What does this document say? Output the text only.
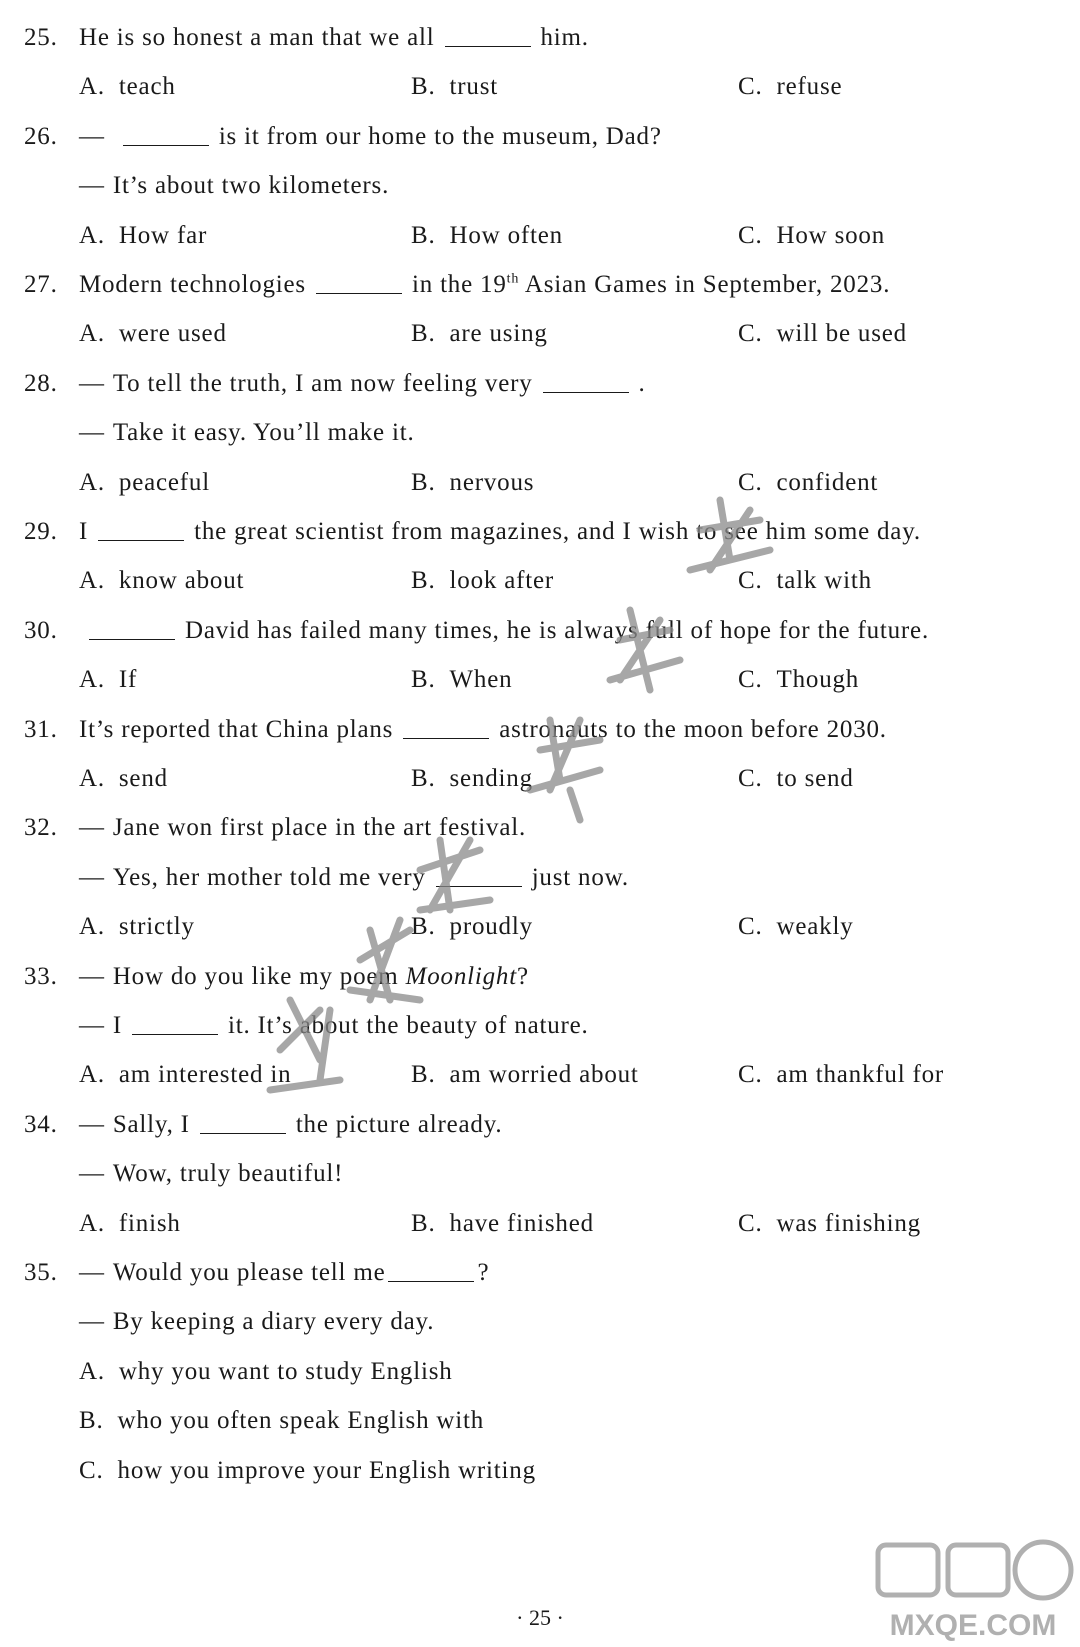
25. He is so honest a man that we all	him.
A. teach	B. trust	C. refuse
26. —	is it from our home to the museum, Dad?
— It’s about two kilometers.
A. How far	B. How often	C. How soon
27. Modern technologies	in the 19th Asian Games in September, 2023.
A. were used	B. are using	C. will be used
28. — To tell the truth, I am now feeling very	.
— Take it easy. You’ll make it.
A. peaceful	B. nervous	C. confident
29. I	the great scientist from magazines, and I wish to see him some day.
A. know about	B. look after	C. talk with
30.	David has failed many times, he is always full of hope for the future.
A. If	B. When	C. Though
31. It’s reported that China plans	astronauts to the moon before 2030.
A. send	B. sending	C. to send
32. — Jane won first place in the art festival.
— Yes, her mother told me very	just now.
A. strictly	B. proudly	C. weakly
33. — How do you like my poem Moonlight?
— I	it. It’s about the beauty of nature.
A. am interested in	B. am worried about	C. am thankful for
34. — Sally, I	the picture already.
— Wow, truly beautiful!
A. finish	B. have finished	C. was finishing
35. — Would you please tell me	?
— By keeping a diary every day.
A. why you want to study English
B. who you often speak English with
C. how you improve your English writing
· 25 ·	MXQE.COM
